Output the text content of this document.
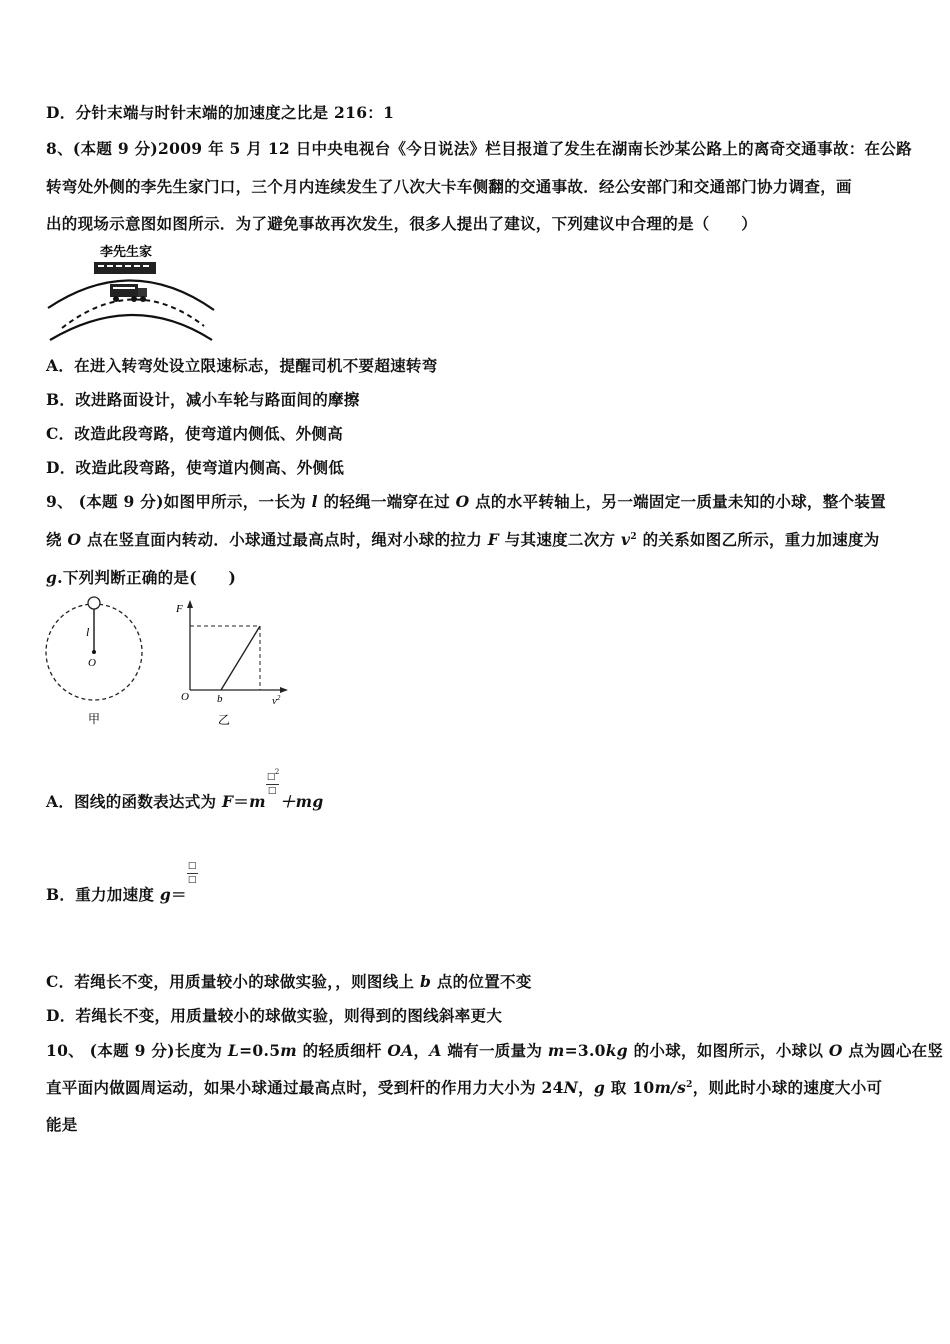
D．分针末端与时针末端的加速度之比是 216：1
8、(本题 9 分)2009 年 5 月 12 日中央电视台《今日说法》栏目报道了发生在湖南长沙某公路上的离奇交通事故：在公路
转弯处外侧的李先生家门口，三个月内连续发生了八次大卡车侧翻的交通事故．经公安部门和交通部门协力调查，画
出的现场示意图如图所示．为了避免事故再次发生，很多人提出了建议，下列建议中合理的是（　　）
李先生家
A．在进入转弯处设立限速标志，提醒司机不要超速转弯
B．改进路面设计，减小车轮与路面间的摩擦
C．改造此段弯路，使弯道内侧低、外侧高
D．改造此段弯路，使弯道内侧高、外侧低
9、 (本题 9 分)如图甲所示，一长为 l 的轻绳一端穿在过 O 点的水平转轴上，另一端固定一质量未知的小球，整个装置
绕 O 点在竖直面内转动．小球通过最高点时，绳对小球的拉力 F 与其速度二次方 $v^2$ 的关系如图乙所示，重力加速度为
g.下列判断正确的是(　　)
l
O
甲
F
O	b	$v^2$
乙
A．图线的函数表达式为 F＝m
□ 2
□
＋mg
B．重力加速度 g＝
□
□
C．若绳长不变，用质量较小的球做实验，，则图线上 b 点的位置不变
D．若绳长不变，用质量较小的球做实验，则得到的图线斜率更大
10、 (本题 9 分)长度为 L=0.5m 的轻质细杆 OA，A 端有一质量为 m=3.0kg 的小球，如图所示，小球以 O 点为圆心在竖
直平面内做圆周运动，如果小球通过最高点时，受到杆的作用力大小为 24N，g 取 $10m/s^2$，则此时小球的速度大小可
能是
